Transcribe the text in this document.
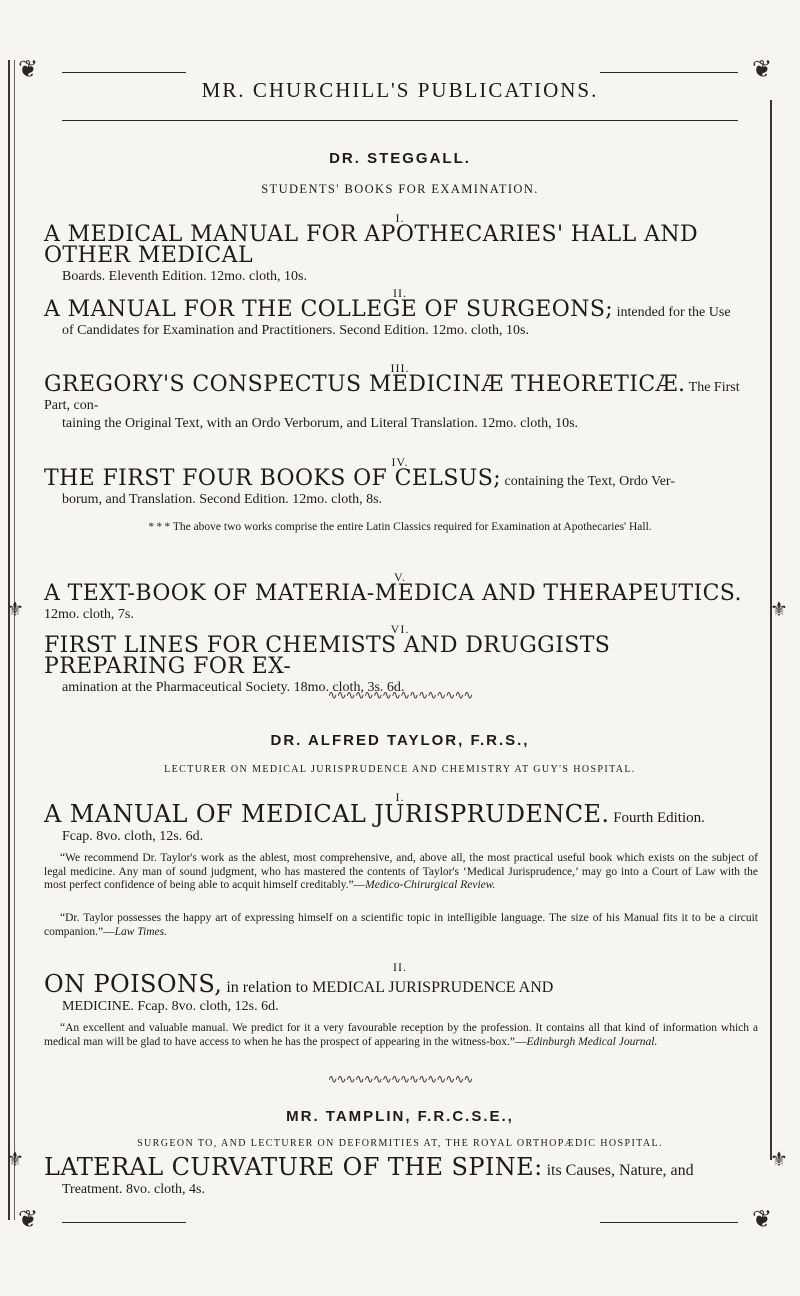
❦	❦
MR. CHURCHILL'S PUBLICATIONS.
DR. STEGGALL.
STUDENTS' BOOKS FOR EXAMINATION.
I.
A MEDICAL MANUAL FOR APOTHECARIES' HALL AND OTHER MEDICAL
Boards. Eleventh Edition. 12mo. cloth, 10s.
II.
A MANUAL FOR THE COLLEGE OF SURGEONS; intended for the Use
of Candidates for Examination and Practitioners. Second Edition. 12mo. cloth, 10s.
III.
GREGORY'S CONSPECTUS MEDICINÆ THEORETICÆ. The First Part, con-
taining the Original Text, with an Ordo Verborum, and Literal Translation. 12mo. cloth, 10s.
IV.
THE FIRST FOUR BOOKS OF CELSUS; containing the Text, Ordo Ver-
borum, and Translation. Second Edition. 12mo. cloth, 8s.
* * * The above two works comprise the entire Latin Classics required for Examination at Apothecaries' Hall.
V.
A TEXT-BOOK OF MATERIA-MEDICA AND THERAPEUTICS. 12mo. cloth, 7s.
VI.
FIRST LINES FOR CHEMISTS AND DRUGGISTS PREPARING FOR EX-
amination at the Pharmaceutical Society. 18mo. cloth, 3s. 6d.
∿∿∿∿∿∿∿∿∿∿∿∿∿∿∿∿
⚜	⚜
DR. ALFRED TAYLOR, F.R.S.,
LECTURER ON MEDICAL JURISPRUDENCE AND CHEMISTRY AT GUY'S HOSPITAL.
I.
A MANUAL OF MEDICAL JURISPRUDENCE. Fourth Edition.
Fcap. 8vo. cloth, 12s. 6d.
“We recommend Dr. Taylor's work as the ablest, most comprehensive, and, above all, the most practical useful book which exists on the subject of legal medicine. Any man of sound judgment, who has mastered the contents of Taylor's ‘Medical Jurisprudence,’ may go into a Court of Law with the most perfect confidence of being able to acquit himself creditably.”—Medico-Chirurgical Review.
“Dr. Taylor possesses the happy art of expressing himself on a scientific topic in intelligible language. The size of his Manual fits it to be a circuit companion.”—Law Times.
II.
ON POISONS, in relation to MEDICAL JURISPRUDENCE AND
MEDICINE. Fcap. 8vo. cloth, 12s. 6d.
“An excellent and valuable manual. We predict for it a very favourable reception by the profession. It contains all that kind of information which a medical man will be glad to have access to when he has the prospect of appearing in the witness-box.”—Edinburgh Medical Journal.
∿∿∿∿∿∿∿∿∿∿∿∿∿∿∿∿
MR. TAMPLIN, F.R.C.S.E.,
SURGEON TO, AND LECTURER ON DEFORMITIES AT, THE ROYAL ORTHOPÆDIC HOSPITAL.
LATERAL CURVATURE OF THE SPINE: its Causes, Nature, and
Treatment. 8vo. cloth, 4s.
⚜	⚜
❦	❦
